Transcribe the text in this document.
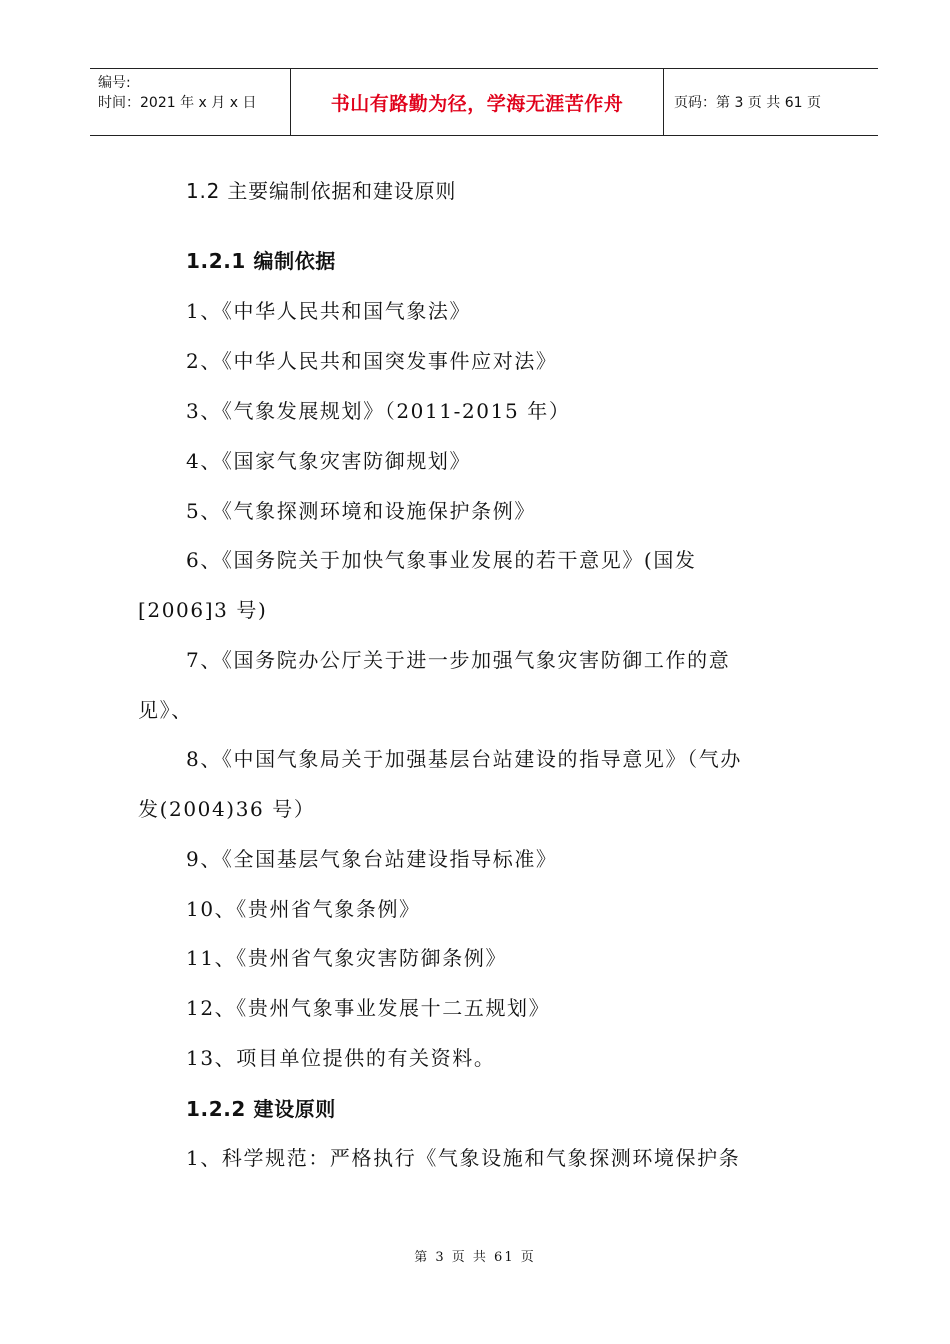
编号:
时间：2021 年 x 月 x 日	书山有路勤为径，学海无涯苦作舟	页码：第 3 页 共 61 页
1.2 主要编制依据和建设原则
1.2.1 编制依据
1、《中华人民共和国气象法》
2、《中华人民共和国突发事件应对法》
3、《气象发展规划》（2011-2015 年）
4、《国家气象灾害防御规划》
5、《气象探测环境和设施保护条例》
6、《国务院关于加快气象事业发展的若干意见》(国发
[2006]3 号)
7、《国务院办公厅关于进一步加强气象灾害防御工作的意
见》、
8、《中国气象局关于加强基层台站建设的指导意见》（气办
发(2004)36 号）
9、《全国基层气象台站建设指导标准》
10、《贵州省气象条例》
11、《贵州省气象灾害防御条例》
12、《贵州气象事业发展十二五规划》
13、项目单位提供的有关资料。
1.2.2 建设原则
1、科学规范：严格执行《气象设施和气象探测环境保护条
第 3 页 共 61 页
